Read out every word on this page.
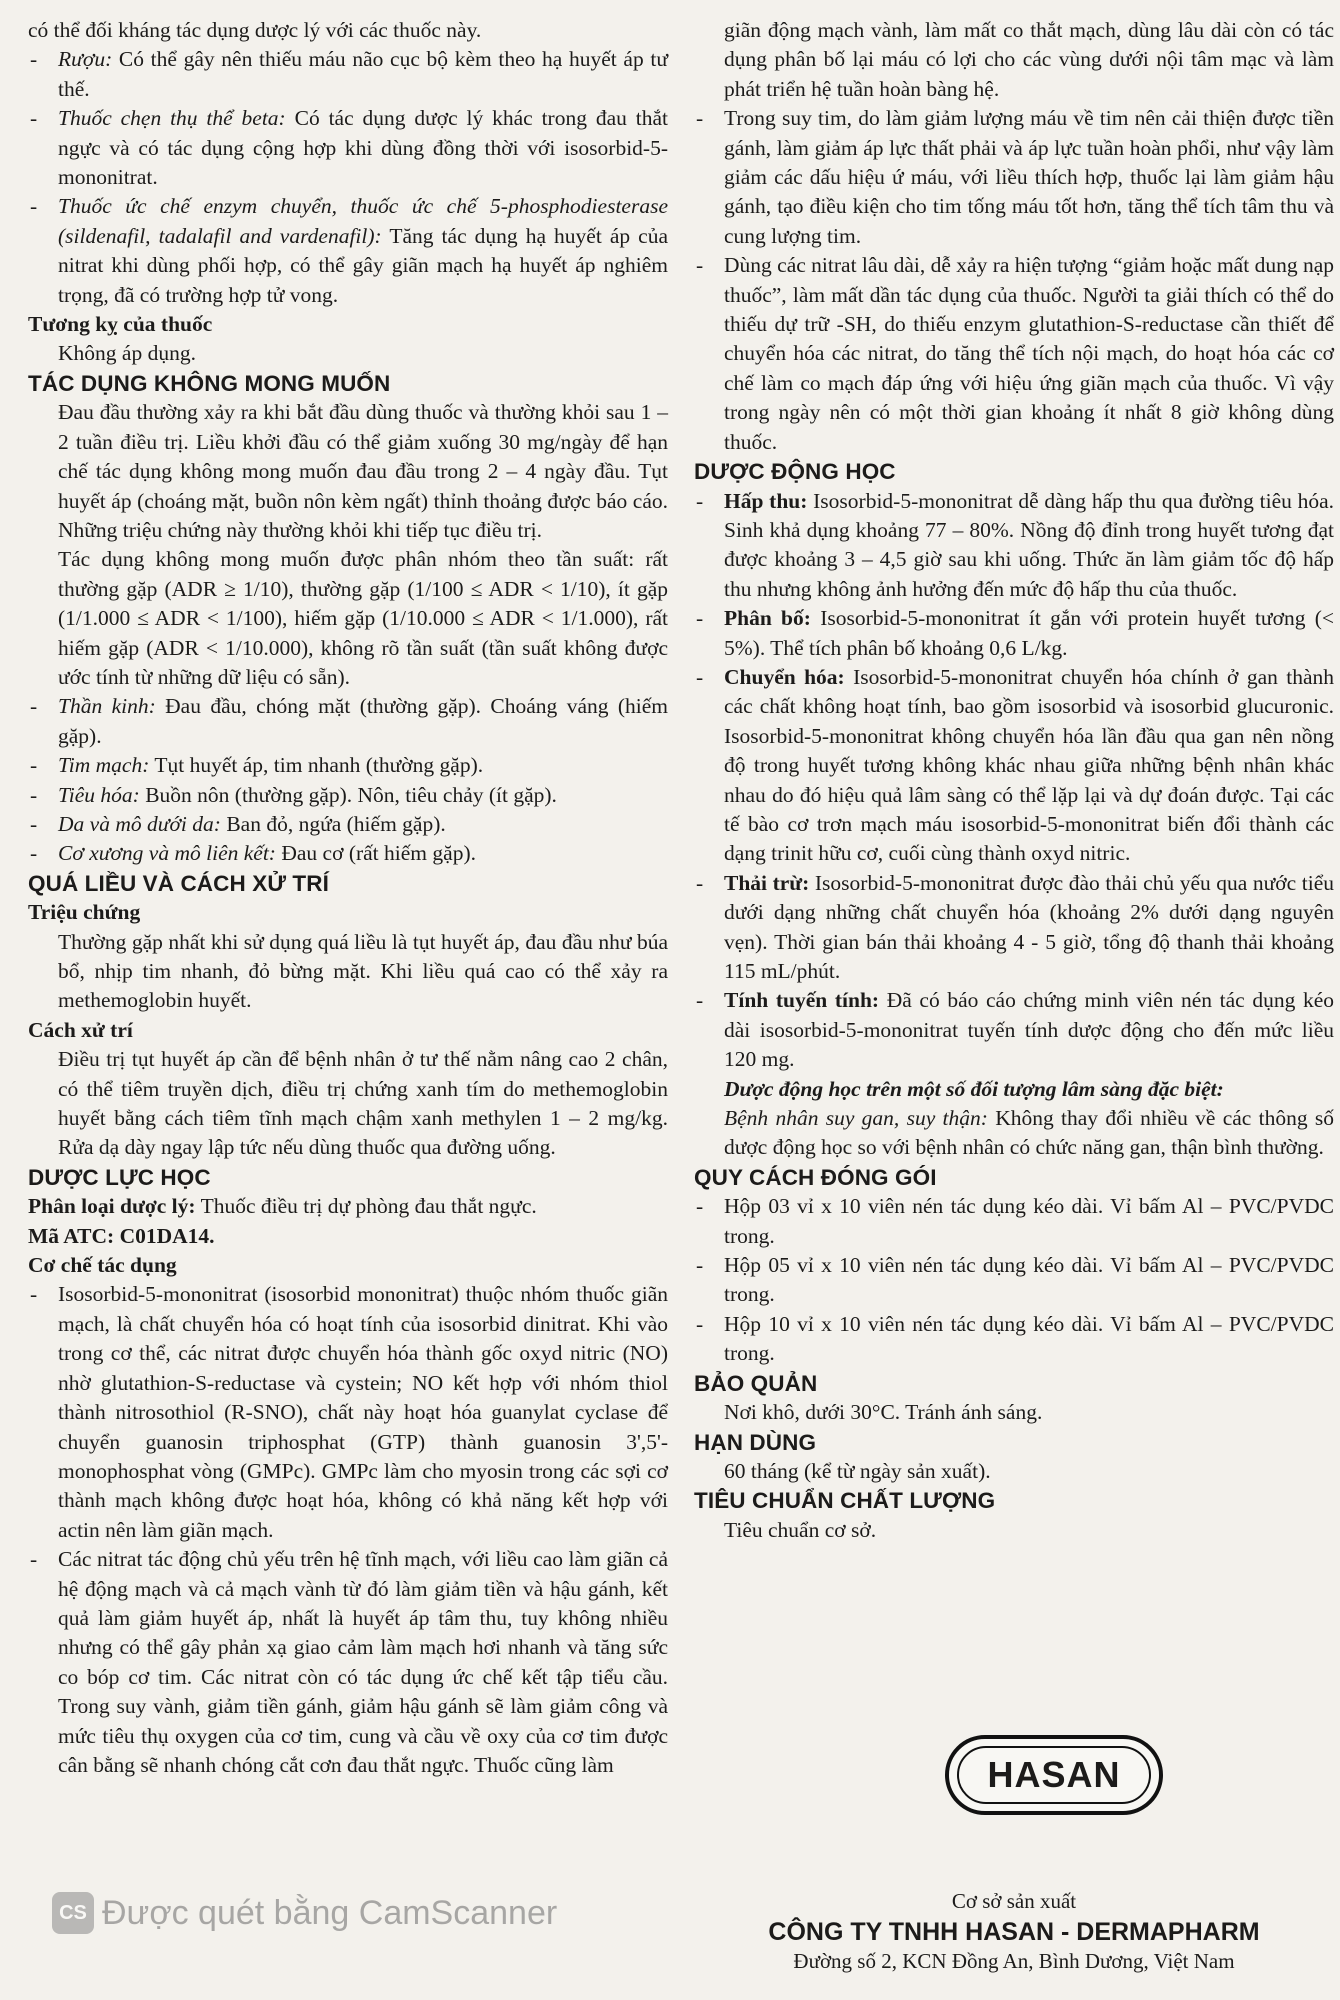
có thể đối kháng tác dụng dược lý với các thuốc này.

- Rượu: Có thể gây nên thiếu máu não cục bộ kèm theo hạ huyết áp tư thế.

- Thuốc chẹn thụ thể beta: Có tác dụng dược lý khác trong đau thắt ngực và có tác dụng cộng hợp khi dùng đồng thời với isosorbid-5-mononitrat.

- Thuốc ức chế enzym chuyển, thuốc ức chế 5-phosphodiesterase (sildenafil, tadalafil and vardenafil): Tăng tác dụng hạ huyết áp của nitrat khi dùng phối hợp, có thể gây giãn mạch hạ huyết áp nghiêm trọng, đã có trường hợp tử vong.

Tương kỵ của thuốc

Không áp dụng.

TÁC DỤNG KHÔNG MONG MUỐN

Đau đầu thường xảy ra khi bắt đầu dùng thuốc và thường khỏi sau 1 – 2 tuần điều trị. Liều khởi đầu có thể giảm xuống 30 mg/ngày để hạn chế tác dụng không mong muốn đau đầu trong 2 – 4 ngày đầu. Tụt huyết áp (choáng mặt, buồn nôn kèm ngất) thỉnh thoảng được báo cáo. Những triệu chứng này thường khỏi khi tiếp tục điều trị.

Tác dụng không mong muốn được phân nhóm theo tần suất: rất thường gặp (ADR ≥ 1/10), thường gặp (1/100 ≤ ADR < 1/10), ít gặp (1/1.000 ≤ ADR < 1/100), hiếm gặp (1/10.000 ≤ ADR < 1/1.000), rất hiếm gặp (ADR < 1/10.000), không rõ tần suất (tần suất không được ước tính từ những dữ liệu có sẵn).

- Thần kinh: Đau đầu, chóng mặt (thường gặp). Choáng váng (hiếm gặp).

- Tim mạch: Tụt huyết áp, tim nhanh (thường gặp).

- Tiêu hóa: Buồn nôn (thường gặp). Nôn, tiêu chảy (ít gặp).

- Da và mô dưới da: Ban đỏ, ngứa (hiếm gặp).

- Cơ xương và mô liên kết: Đau cơ (rất hiếm gặp).

QUÁ LIỀU VÀ CÁCH XỬ TRÍ

Triệu chứng

Thường gặp nhất khi sử dụng quá liều là tụt huyết áp, đau đầu như búa bổ, nhịp tim nhanh, đỏ bừng mặt. Khi liều quá cao có thể xảy ra methemoglobin huyết.

Cách xử trí

Điều trị tụt huyết áp cần để bệnh nhân ở tư thế nằm nâng cao 2 chân, có thể tiêm truyền dịch, điều trị chứng xanh tím do methemoglobin huyết bằng cách tiêm tĩnh mạch chậm xanh methylen 1 – 2 mg/kg. Rửa dạ dày ngay lập tức nếu dùng thuốc qua đường uống.

DƯỢC LỰC HỌC

Phân loại dược lý: Thuốc điều trị dự phòng đau thắt ngực.

Mã ATC: C01DA14.

Cơ chế tác dụng

- Isosorbid-5-mononitrat (isosorbid mononitrat) thuộc nhóm thuốc giãn mạch, là chất chuyển hóa có hoạt tính của isosorbid dinitrat. Khi vào trong cơ thể, các nitrat được chuyển hóa thành gốc oxyd nitric (NO) nhờ glutathion-S-reductase và cystein; NO kết hợp với nhóm thiol thành nitrosothiol (R-SNO), chất này hoạt hóa guanylat cyclase để chuyển guanosin triphosphat (GTP) thành guanosin 3',5'-monophosphat vòng (GMPc). GMPc làm cho myosin trong các sợi cơ thành mạch không được hoạt hóa, không có khả năng kết hợp với actin nên làm giãn mạch.

- Các nitrat tác động chủ yếu trên hệ tĩnh mạch, với liều cao làm giãn cả hệ động mạch và cả mạch vành từ đó làm giảm tiền và hậu gánh, kết quả làm giảm huyết áp, nhất là huyết áp tâm thu, tuy không nhiều nhưng có thể gây phản xạ giao cảm làm mạch hơi nhanh và tăng sức co bóp cơ tim. Các nitrat còn có tác dụng ức chế kết tập tiểu cầu. Trong suy vành, giảm tiền gánh, giảm hậu gánh sẽ làm giảm công và mức tiêu thụ oxygen của cơ tim, cung và cầu về oxy của cơ tim được cân bằng sẽ nhanh chóng cắt cơn đau thắt ngực. Thuốc cũng làm

giãn động mạch vành, làm mất co thắt mạch, dùng lâu dài còn có tác dụng phân bố lại máu có lợi cho các vùng dưới nội tâm mạc và làm phát triển hệ tuần hoàn bàng hệ.

- Trong suy tim, do làm giảm lượng máu về tim nên cải thiện được tiền gánh, làm giảm áp lực thất phải và áp lực tuần hoàn phổi, như vậy làm giảm các dấu hiệu ứ máu, với liều thích hợp, thuốc lại làm giảm hậu gánh, tạo điều kiện cho tim tống máu tốt hơn, tăng thể tích tâm thu và cung lượng tim.

- Dùng các nitrat lâu dài, dễ xảy ra hiện tượng “giảm hoặc mất dung nạp thuốc”, làm mất dần tác dụng của thuốc. Người ta giải thích có thể do thiếu dự trữ -SH, do thiếu enzym glutathion-S-reductase cần thiết để chuyển hóa các nitrat, do tăng thể tích nội mạch, do hoạt hóa các cơ chế làm co mạch đáp ứng với hiệu ứng giãn mạch của thuốc. Vì vậy trong ngày nên có một thời gian khoảng ít nhất 8 giờ không dùng thuốc.

DƯỢC ĐỘNG HỌC

- Hấp thu: Isosorbid-5-mononitrat dễ dàng hấp thu qua đường tiêu hóa. Sinh khả dụng khoảng 77 – 80%. Nồng độ đỉnh trong huyết tương đạt được khoảng 3 – 4,5 giờ sau khi uống. Thức ăn làm giảm tốc độ hấp thu nhưng không ảnh hưởng đến mức độ hấp thu của thuốc.

- Phân bố: Isosorbid-5-mononitrat ít gắn với protein huyết tương (< 5%). Thể tích phân bố khoảng 0,6 L/kg.

- Chuyển hóa: Isosorbid-5-mononitrat chuyển hóa chính ở gan thành các chất không hoạt tính, bao gồm isosorbid và isosorbid glucuronic. Isosorbid-5-mononitrat không chuyển hóa lần đầu qua gan nên nồng độ trong huyết tương không khác nhau giữa những bệnh nhân khác nhau do đó hiệu quả lâm sàng có thể lặp lại và dự đoán được. Tại các tế bào cơ trơn mạch máu isosorbid-5-mononitrat biến đổi thành các dạng trinit hữu cơ, cuối cùng thành oxyd nitric.

- Thải trừ: Isosorbid-5-mononitrat được đào thải chủ yếu qua nước tiểu dưới dạng những chất chuyển hóa (khoảng 2% dưới dạng nguyên vẹn). Thời gian bán thải khoảng 4 - 5 giờ, tổng độ thanh thải khoảng 115 mL/phút.

- Tính tuyến tính: Đã có báo cáo chứng minh viên nén tác dụng kéo dài isosorbid-5-mononitrat tuyến tính dược động cho đến mức liều 120 mg.

Dược động học trên một số đối tượng lâm sàng đặc biệt:

Bệnh nhân suy gan, suy thận: Không thay đổi nhiều về các thông số dược động học so với bệnh nhân có chức năng gan, thận bình thường.

QUY CÁCH ĐÓNG GÓI

- Hộp 03 vỉ x 10 viên nén tác dụng kéo dài. Vỉ bấm Al – PVC/PVDC trong.

- Hộp 05 vỉ x 10 viên nén tác dụng kéo dài. Vỉ bấm Al – PVC/PVDC trong.

- Hộp 10 vỉ x 10 viên nén tác dụng kéo dài. Vỉ bấm Al – PVC/PVDC trong.

BẢO QUẢN

Nơi khô, dưới 30°C. Tránh ánh sáng.

HẠN DÙNG

60 tháng (kể từ ngày sản xuất).

TIÊU CHUẨN CHẤT LƯỢNG

Tiêu chuẩn cơ sở.

HASAN
Cơ sở sản xuất
CÔNG TY TNHH HASAN - DERMAPHARM
Đường số 2, KCN Đồng An, Bình Dương, Việt Nam
CS Được quét bằng CamScanner
